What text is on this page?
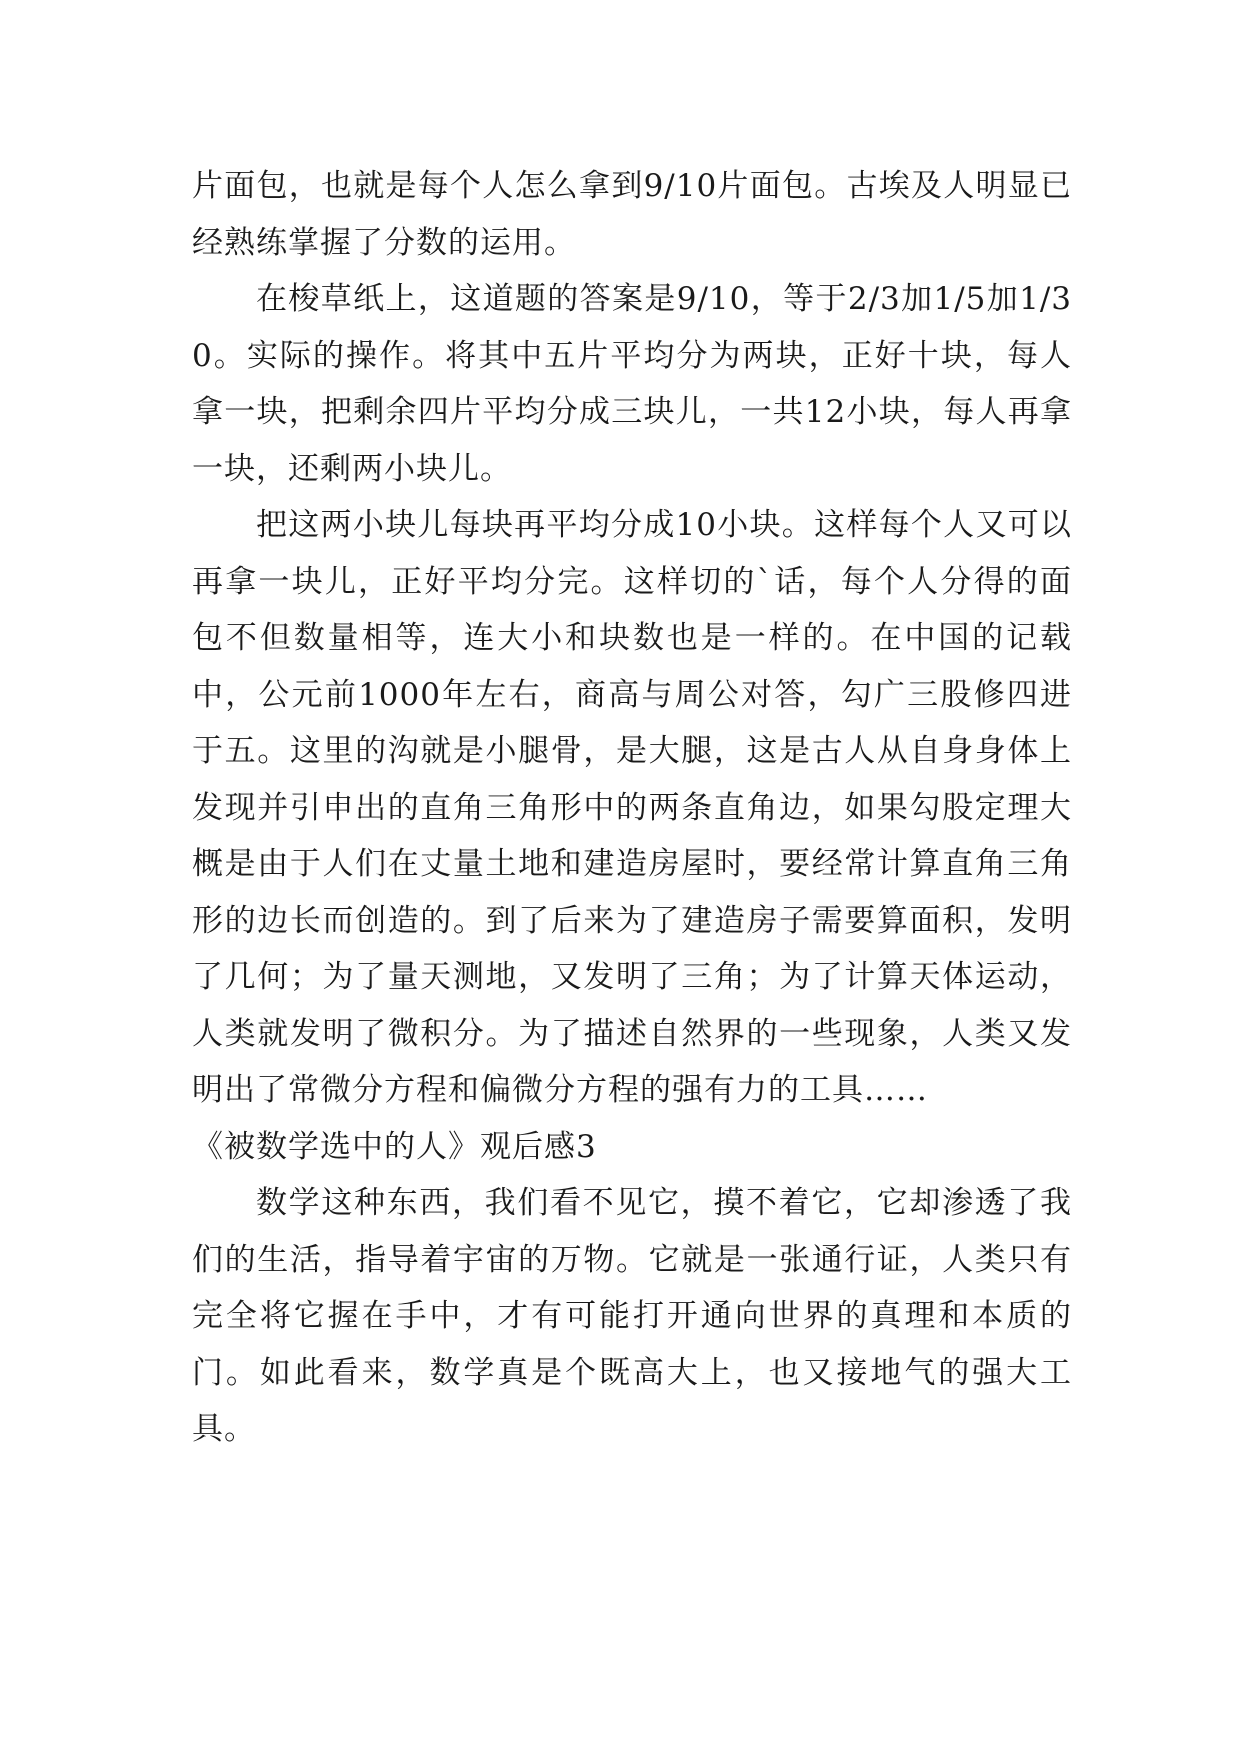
片面包，也就是每个人怎么拿到9/10片面包。古埃及人明显已经熟练掌握了分数的运用。

在梭草纸上，这道题的答案是9/10，等于2/3加1/5加1/30。实际的操作。将其中五片平均分为两块，正好十块，每人拿一块，把剩余四片平均分成三块儿，一共12小块，每人再拿一块，还剩两小块儿。

把这两小块儿每块再平均分成10小块。这样每个人又可以再拿一块儿，正好平均分完。这样切的`话，每个人分得的面包不但数量相等，连大小和块数也是一样的。在中国的记载中，公元前1000年左右，商高与周公对答，勾广三股修四进于五。这里的沟就是小腿骨，是大腿，这是古人从自身身体上发现并引申出的直角三角形中的两条直角边，如果勾股定理大概是由于人们在丈量土地和建造房屋时，要经常计算直角三角形的边长而创造的。到了后来为了建造房子需要算面积，发明了几何；为了量天测地，又发明了三角；为了计算天体运动，人类就发明了微积分。为了描述自然界的一些现象，人类又发明出了常微分方程和偏微分方程的强有力的工具……

《被数学选中的人》观后感3

数学这种东西，我们看不见它，摸不着它，它却渗透了我们的生活，指导着宇宙的万物。它就是一张通行证，人类只有完全将它握在手中，才有可能打开通向世界的真理和本质的门。如此看来，数学真是个既高大上，也又接地气的强大工具。
